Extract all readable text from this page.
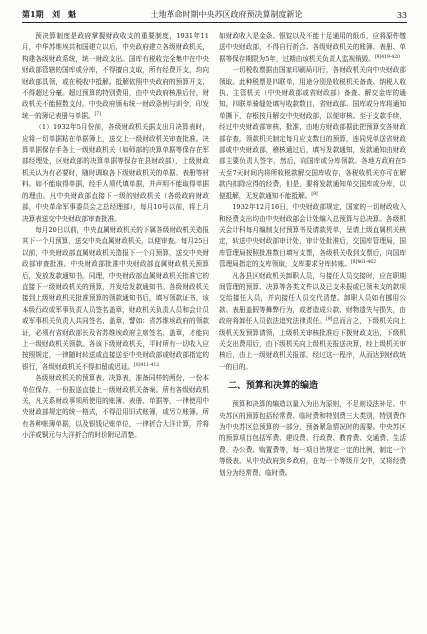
第1期	刘　魁	土地革命时期中央苏区政府预决算制度新论	33

预决算制度是政府掌握财政收支的重要制度，1931年11月，中华苏维埃共和国建立以后，中央政府建立各级财政机关，构建各级财政系统，统一财政支出。国库有税收完全集中在中央财政部管辖的国库或分库，不得擅自支取，所有经费开支，均向财政部具领，或在税收中抵解。抵解依照中央政府的预算开支，不得超过分毫。超过预算的特别费用，由中央政府核准后付，财政机关不能照数支付。中央政府颁布统一财政条例与训令，印发统一的簿记表册与单据。[7]

（1）1932年5月份前，各级财政机关据支出月决算表时，应将一切单据粘在单据簿上，送交上一级财政机关审查批准。决算单据保存手各上一级财政机关（如师部的决算单据等保存在军部经理处，区财政部的决算单据等保存在县财政部），上级财政机关认为有必要时，随时调取各下级财政机关的单据、表册等材料。如不能取得单据，经手人须代填单据，并声明不能取得单据的理由。凡中央财政部直接下一级的财政机关（各级政府财政部，中央革命军事委员会之总经理部），每月10号以前，将上月决算表送交中央财政部审查批准。

每月20日以前，中央直属财政机关的下属各级财政机关造报其下一个月预算，送交中央直属财政机关，以便审查。每月25日以前，中央财政部直属财政机关造报下一个月预算，送交中央财政部审查批准。中央财政部批准中央财政部直属财政机关预算后，发放发款通知书。同理，中央财政部直属财政机关批准它的直接下一级财政机关的预算，并发给发款通知书。各级财政机关接到上级财政机关批准预算的领款通知书后，填写领款证书，该本级行政或军事负责人员签名盖章，财政机关负责人员和会计员或军事机关负责人共同签名、盖章，譬如：省苏维埃政府的领款证，必须有省财政部长及省苏维埃政府主席签名、盖章，才能向上一级财政机关领款。各该下级财政机关，平时所有一切收入应按照规定，一律随时转送或直接送至中央财政部或财政部指定的银行，各级财政机关不得扣留或迟延。$^{[8]411-412}$

各级财政机关的预算表、决算表，准备同样的两份，一份本单位保存，一份报送直接上一级财政机关备案。所有各级财政机关，凡关系财政事项所使用的账簿、表册、单据等，一律使用中央财政部规定的统一格式，不得沿用旧式账簿，或另立账簿。所有各种账簿单据，以及银钱记账单位，一律折合大洋计算，并将小洋或铜元与大洋折合的时价附记清楚。

如财政收入是金条、银锭以及不能十足通用的纸币，应将原件缴送中央财政部，不得自行折合。各级财政机关的账簿、表册、单据等保存期限为5年，过期由该机关负责人监视销毁。$^{[9]419-420}$

一切税收票据由国家印刷局印行，各财政机关向中央财政部领取。此种税票是四联单，用途分别是收税机关备查、纳税人收执、主管机关（中央财政部或省财政部）备查、解交金库的通知。四联单骑缝处填写收款数目，省财政部、国库或分库将通知单撕下，存根按月解交中央财政部，以便审核。至于支款手续，经过中央财政部审核、批准，由地方财政部据此把预算交各财政部存查。领款机关制定每月应支数目的预算，连同凭单送省财政部或中央财政部，稽核通过后，填写发款通知，发款通知由财政部主要负责人签字，然后，向国库或分库领款。各地方政府在5天至7天时间内将所收税款解交国库收存，各税收机关亦可在解款内扣除应得的经费，但是，要将发款通知单交国库或分库，以便抵解，无发款通知不能抵解。[9]

1932年12月16日，中央财政部规定，国家的一切财政收入和经费支出均由中央财政部会计处编入总预算与总决算。各级机关会计科每月编制支付预算书及请款凭单，呈请上级直属机关核定，转送中央财政部审计处，审计处批准后，交国库管理局，国库管理局按照批准数目填写支票，各级机关收到支票后，向国库管理局指定的支库领取，支库要求分库转账。$^{[8]461-462}$

凡各县区财政机关卸职人员，与接任人员交接时，应在职期间管理的预算、决算等各类文件以及已支未报或已领未支的款项交给接任人员，并向接任人员交代清楚。卸职人员如有挪用公款、表册盖假等舞弊行为，或者造成公款、财物遗失与损失，由政府将卸任人员依法追究法律责任。[9]总而言之，下级机关向上级机关发预算请领，上级机关审核批准后下拨财政支出，下级机关支出费用后，由下级机关向上级机关报送决算，经上级机关审核后，由上一级财政机关报部，经过这一程序，从而达到财政统一的目的。

二、预算和决算的编造

预算和决算的编造以量入为出为原则，不足则设法补足。中央苏区的预算包括经常费、临时费和特别费三大类别，特别费作为中央苏区总预算的一部分，预备紧急情况时的需要。中央苏区的预算项目包括军费、建设费、行政费、教育费、交通费、生活费、办公费、购置费等，每一项目皆规定一定的比例，制定一个等级表。从中央政府到乡政府，在每一个等级开支中，又将经费划分为经常费、临时费。
